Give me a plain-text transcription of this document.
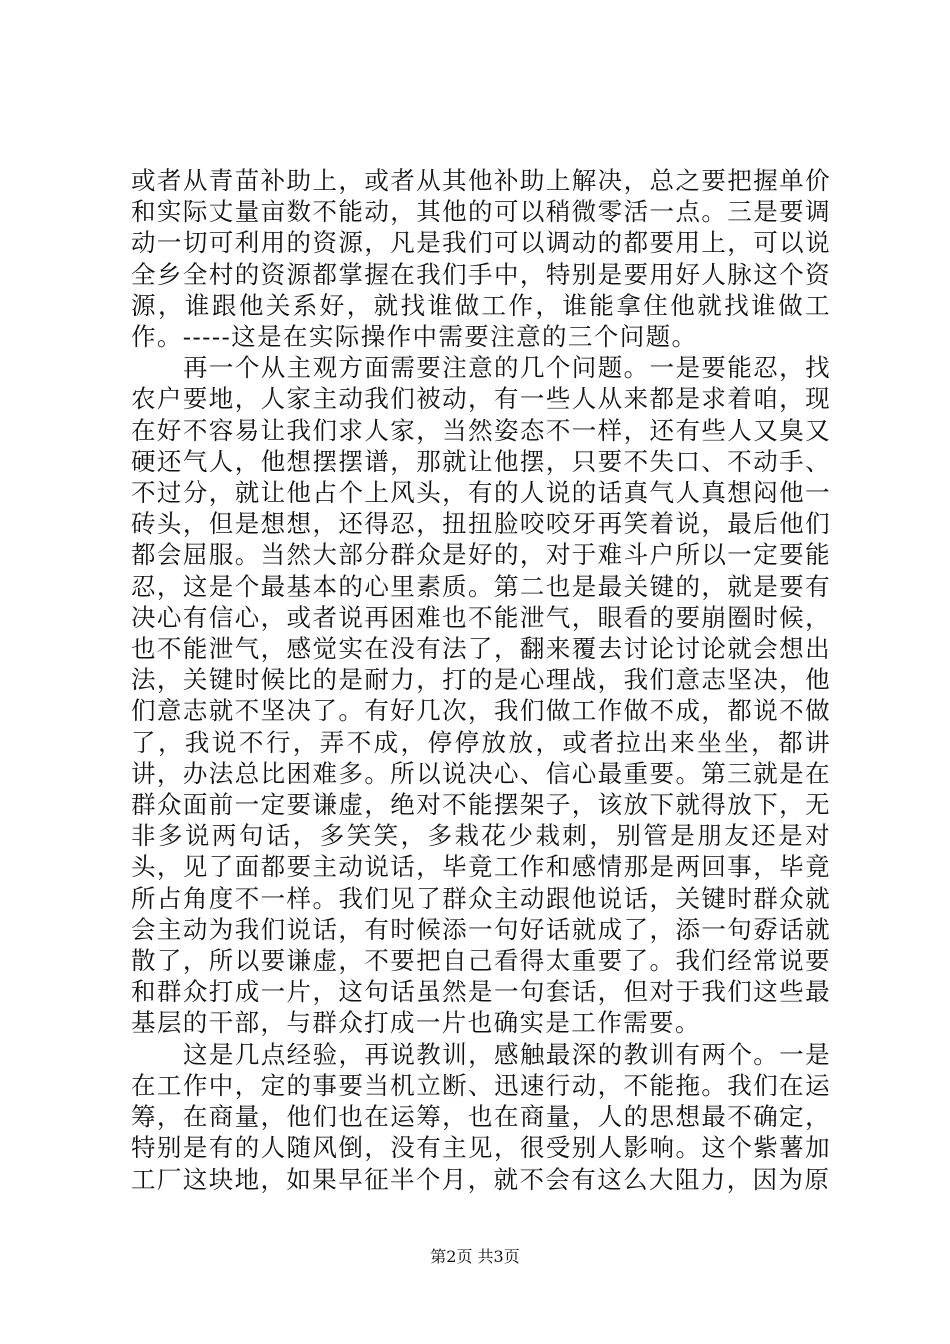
或者从青苗补助上，或者从其他补助上解决，总之要把握单价和实际丈量亩数不能动，其他的可以稍微零活一点。三是要调动一切可利用的资源，凡是我们可以调动的都要用上，可以说全乡全村的资源都掌握在我们手中，特别是要用好人脉这个资源，谁跟他关系好，就找谁做工作，谁能拿住他就找谁做工作。-----这是在实际操作中需要注意的三个问题。

再一个从主观方面需要注意的几个问题。一是要能忍，找农户要地，人家主动我们被动，有一些人从来都是求着咱，现在好不容易让我们求人家，当然姿态不一样，还有些人又臭又硬还气人，他想摆摆谱，那就让他摆，只要不失口、不动手、不过分，就让他占个上风头，有的人说的话真气人真想闷他一砖头，但是想想，还得忍，扭扭脸咬咬牙再笑着说，最后他们都会屈服。当然大部分群众是好的，对于难斗户所以一定要能忍，这是个最基本的心里素质。第二也是最关键的，就是要有决心有信心，或者说再困难也不能泄气，眼看的要崩圈时候，也不能泄气，感觉实在没有法了，翻来覆去讨论讨论就会想出法，关键时候比的是耐力，打的是心理战，我们意志坚决，他们意志就不坚决了。有好几次，我们做工作做不成，都说不做了，我说不行，弄不成，停停放放，或者拉出来坐坐，都讲讲，办法总比困难多。所以说决心、信心最重要。第三就是在群众面前一定要谦虚，绝对不能摆架子，该放下就得放下，无非多说两句话，多笑笑，多栽花少栽刺，别管是朋友还是对头，见了面都要主动说话，毕竟工作和感情那是两回事，毕竟所占角度不一样。我们见了群众主动跟他说话，关键时群众就会主动为我们说话，有时候添一句好话就成了，添一句孬话就散了，所以要谦虚，不要把自己看得太重要了。我们经常说要和群众打成一片，这句话虽然是一句套话，但对于我们这些最基层的干部，与群众打成一片也确实是工作需要。

这是几点经验，再说教训，感触最深的教训有两个。一是在工作中，定的事要当机立断、迅速行动，不能拖。我们在运筹，在商量，他们也在运筹，也在商量，人的思想最不确定，特别是有的人随风倒，没有主见，很受别人影响。这个紫薯加工厂这块地，如果早征半个月，就不会有这么大阻力，因为原

第2页 共3页
